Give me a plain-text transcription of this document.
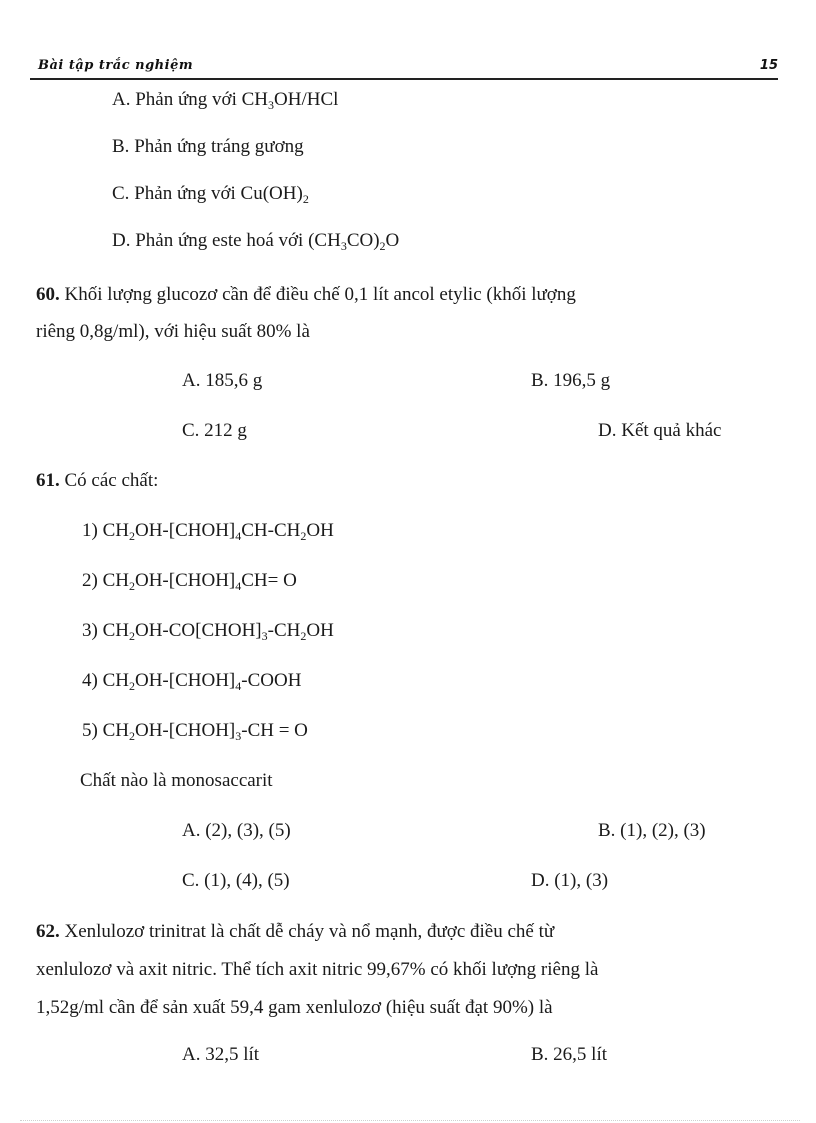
Bài tập trắc nghiệm	15
A. Phản ứng với $CH_3OH$/HCl
B. Phản ứng tráng gương
C. Phản ứng với $Cu(OH)_2$
D. Phản ứng este hoá với $(CH_3CO)_2O$
60. Khối lượng glucozơ cần để điều chế 0,1 lít ancol etylic (khối lượng
riêng 0,8g/ml), với hiệu suất 80% là
A. 185,6 g	B. 196,5 g
C. 212 g	D. Kết quả khác
61. Có các chất:
1) $CH_2OH-[CHOH]_4CH-CH_2OH$
2) $CH_2OH-[CHOH]_4CH= O$
3) $CH_2OH-CO[CHOH]_3-CH_2OH$
4) $CH_2OH-[CHOH]_4$-COOH
5) $CH_2OH-[CHOH]_3-CH = O$
Chất nào là monosaccarit
A. (2), (3), (5)	B. (1), (2), (3)
C. (1), (4), (5)	D. (1), (3)
62. Xenlulozơ trinitrat là chất dễ cháy và nổ mạnh, được điều chế từ
xenlulozơ và axit nitric. Thể tích axit nitric 99,67% có khối lượng riêng là
1,52g/ml cần để sản xuất 59,4 gam xenlulozơ (hiệu suất đạt 90%) là
A. 32,5 lít	B. 26,5 lít
